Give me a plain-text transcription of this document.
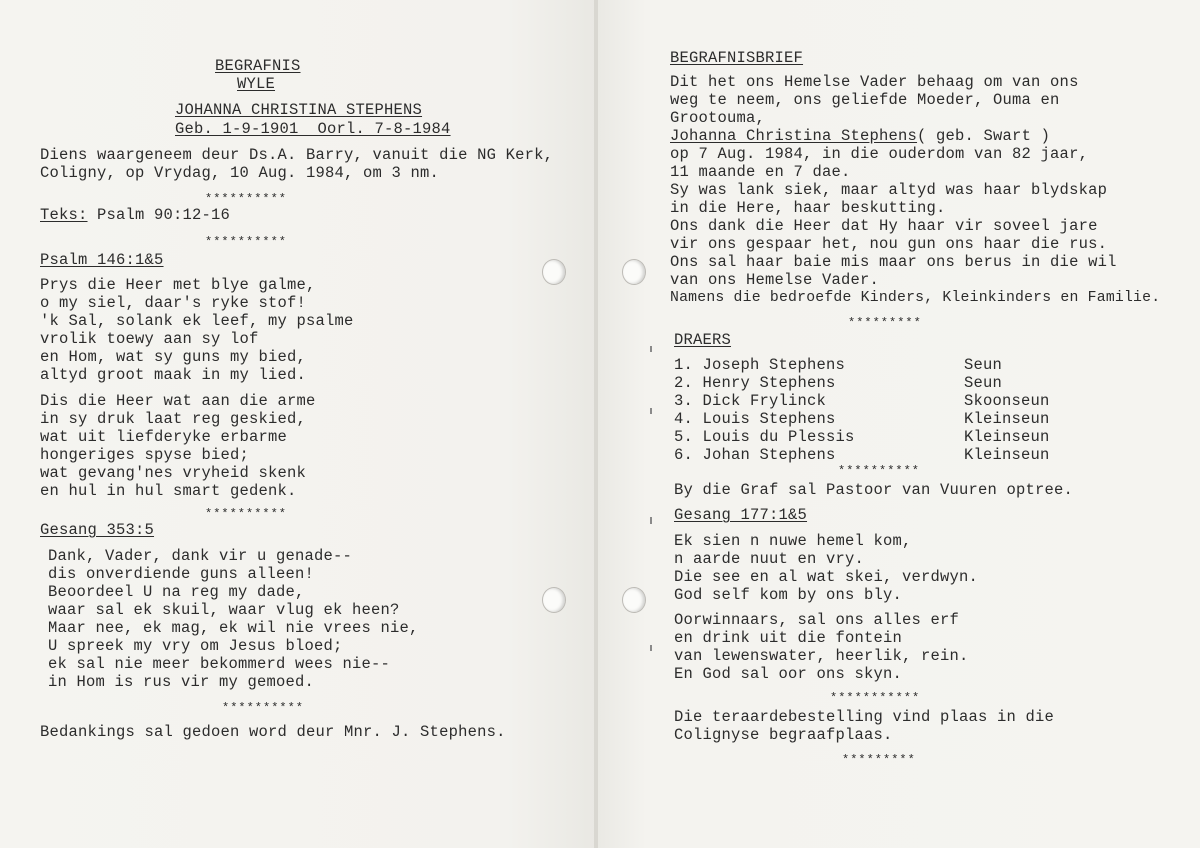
BEGRAFNIS
WYLE
JOHANNA CHRISTINA STEPHENS
Geb. 1-9-1901  Oorl. 7-8-1984
Diens waargeneem deur Ds.A. Barry, vanuit die NG Kerk,
Coligny, op Vrydag, 10 Aug. 1984, om 3 nm.
**********
Teks: Psalm 90:12-16
**********
Psalm 146:1&5
Prys die Heer met blye galme,
o my siel, daar's ryke stof!
'k Sal, solank ek leef, my psalme
vrolik toewy aan sy lof
en Hom, wat sy guns my bied,
altyd groot maak in my lied.
Dis die Heer wat aan die arme
in sy druk laat reg geskied,
wat uit liefderyke erbarme
hongeriges spyse bied;
wat gevang'nes vryheid skenk
en hul in hul smart gedenk.
**********
Gesang 353:5
Dank, Vader, dank vir u genade--
dis onverdiende guns alleen!
Beoordeel U na reg my dade,
waar sal ek skuil, waar vlug ek heen?
Maar nee, ek mag, ek wil nie vrees nie,
U spreek my vry om Jesus bloed;
ek sal nie meer bekommerd wees nie--
in Hom is rus vir my gemoed.
**********
Bedankings sal gedoen word deur Mnr. J. Stephens.
BEGRAFNISBRIEF
Dit het ons Hemelse Vader behaag om van ons
weg te neem, ons geliefde Moeder, Ouma en
Grootouma,
Johanna Christina Stephens( geb. Swart )
op 7 Aug. 1984, in die ouderdom van 82 jaar,
11 maande en 7 dae.
Sy was lank siek, maar altyd was haar blydskap
in die Here, haar beskutting.
Ons dank die Heer dat Hy haar vir soveel jare
vir ons gespaar het, nou gun ons haar die rus.
Ons sal haar baie mis maar ons berus in die wil
van ons Hemelse Vader.
Namens die bedroefde Kinders, Kleinkinders en Familie.
*********
DRAERS
1. Joseph Stephens	Seun
2. Henry Stephens	Seun
3. Dick Frylinck	Skoonseun
4. Louis Stephens	Kleinseun
5. Louis du Plessis	Kleinseun
6. Johan Stephens	Kleinseun
**********
By die Graf sal Pastoor van Vuuren optree.
Gesang 177:1&5
Ek sien n nuwe hemel kom,
n aarde nuut en vry.
Die see en al wat skei, verdwyn.
God self kom by ons bly.
Oorwinnaars, sal ons alles erf
en drink uit die fontein
van lewenswater, heerlik, rein.
En God sal oor ons skyn.
***********
Die teraardebestelling vind plaas in die
Colignyse begraafplaas.
*********
